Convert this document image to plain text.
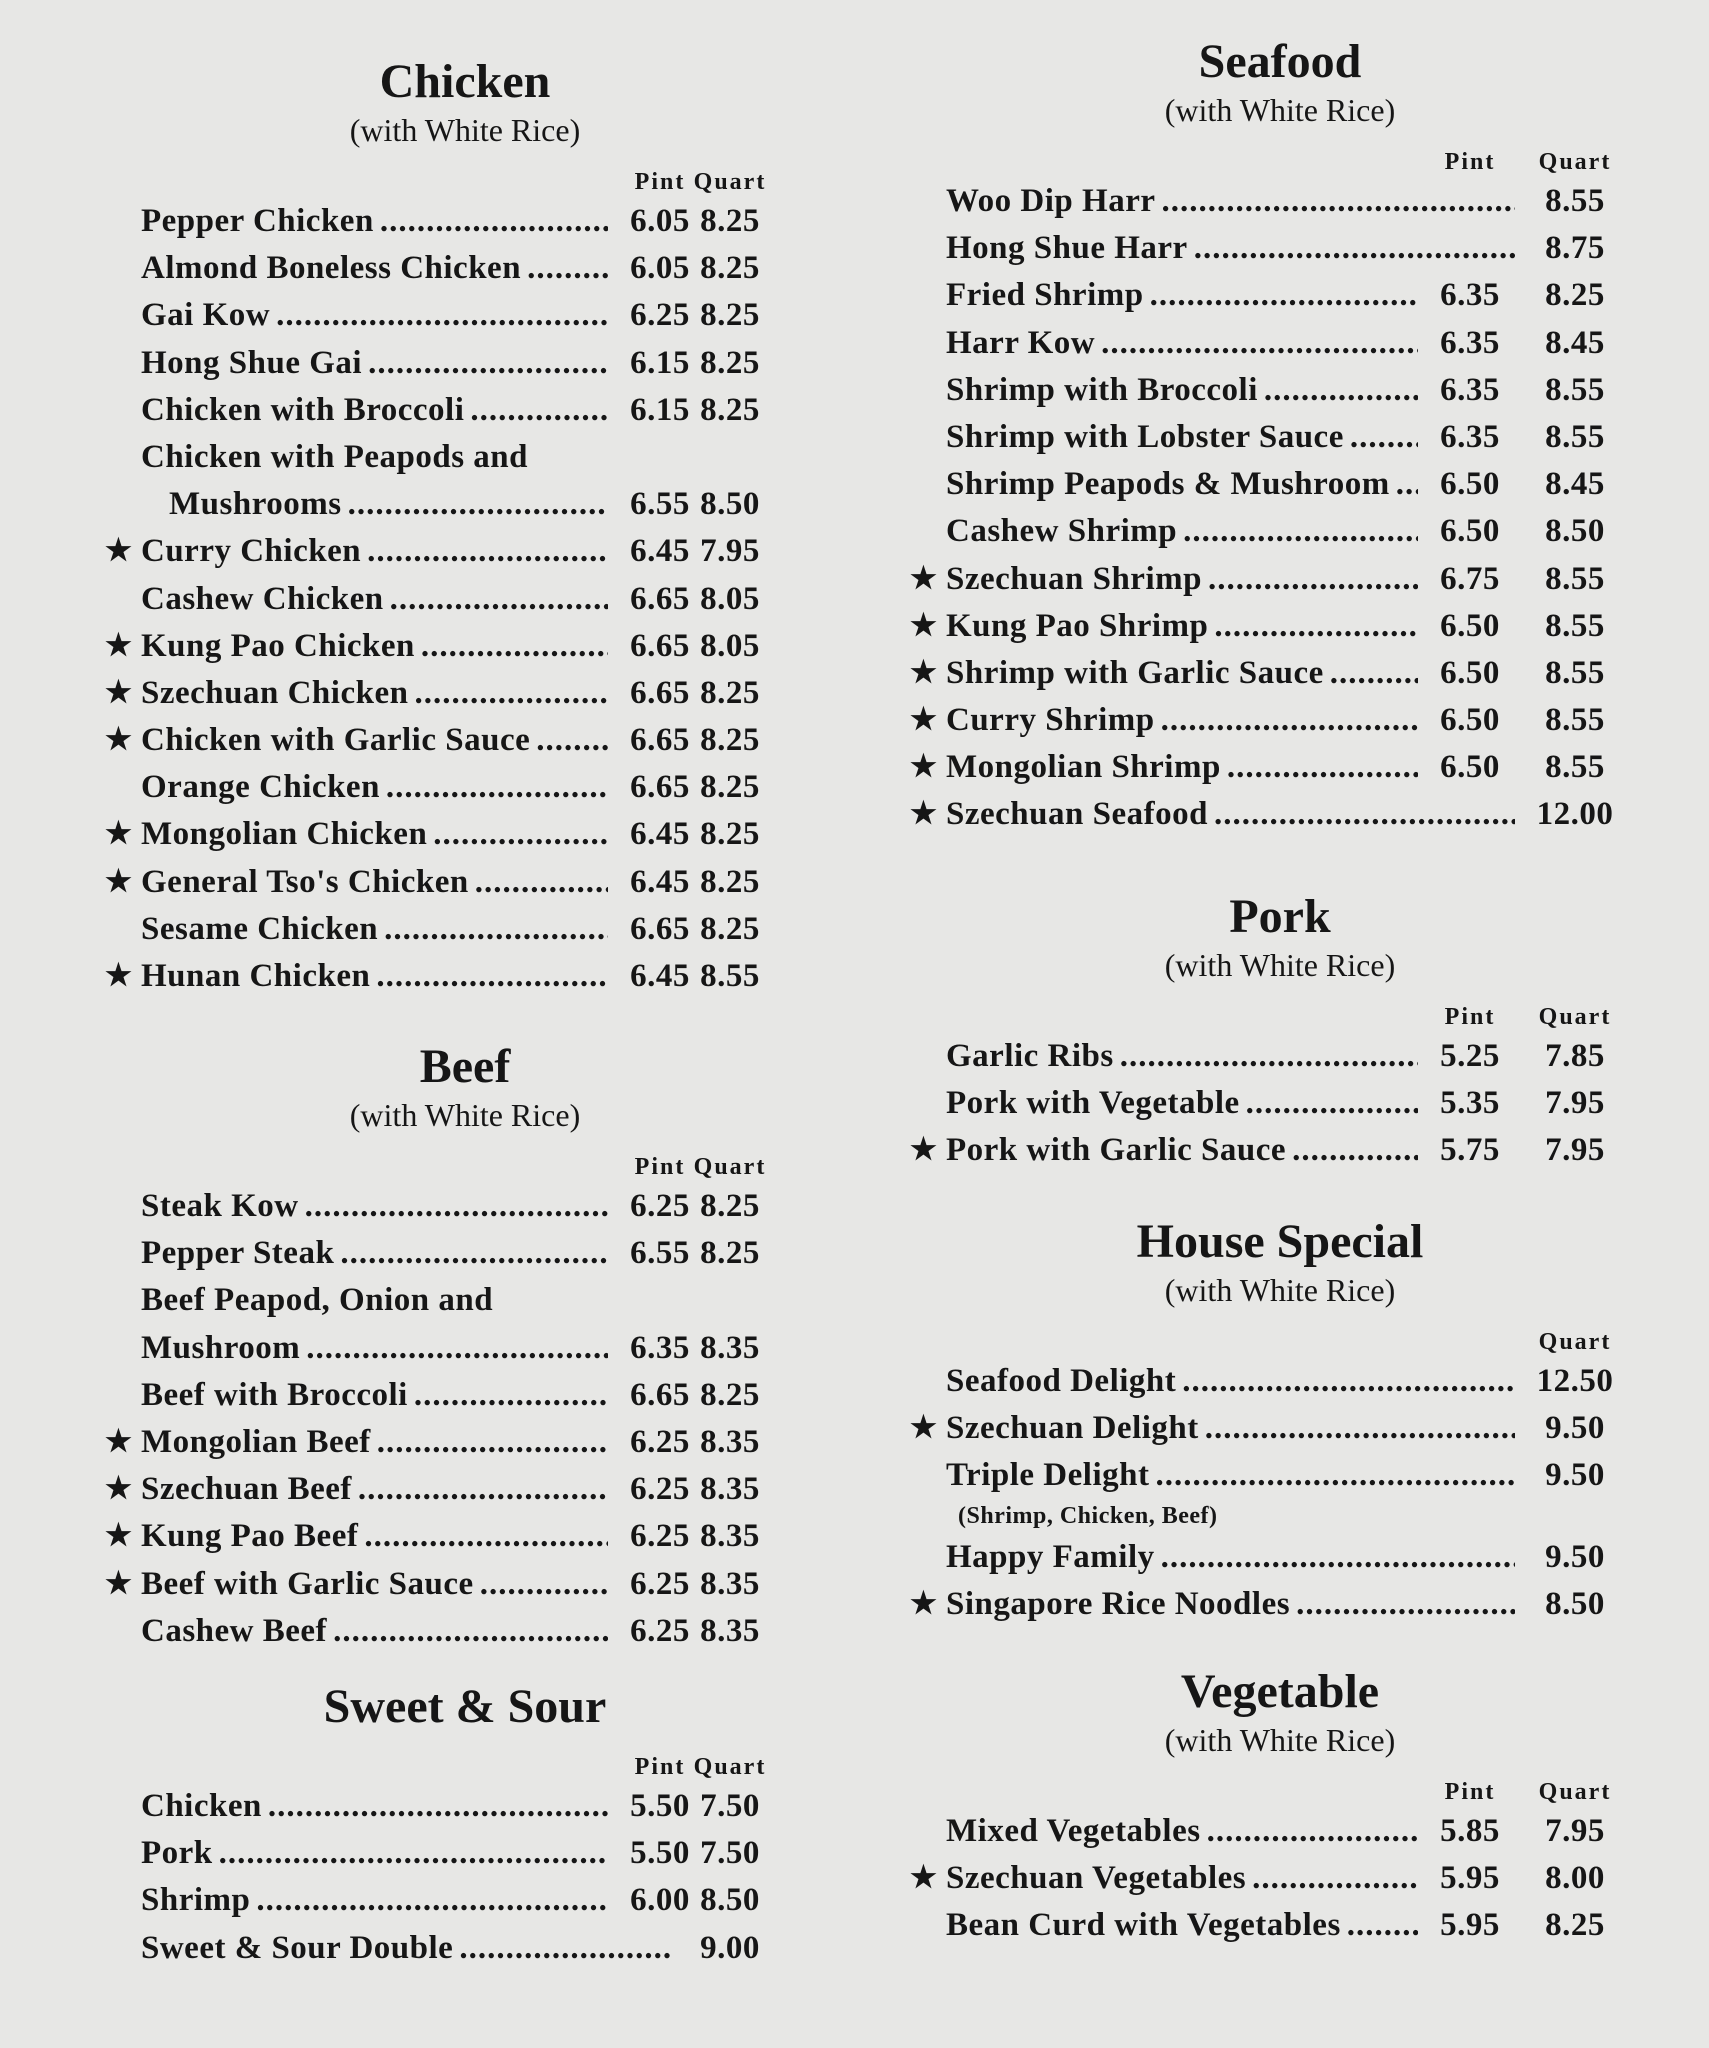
Chicken
(with White Rice)
Pint Quart
Pepper Chicken .....	6.05 8.25
Almond Boneless Chicken .....	6.05 8.25
Gai Kow .....	6.25 8.25
Hong Shue Gai .....	6.15 8.25
Chicken with Broccoli .....	6.15 8.25
Chicken with Peapods and
Mushrooms .....	6.55 8.50
★ Curry Chicken .....	6.45 7.95
Cashew Chicken .....	6.65 8.05
★ Kung Pao Chicken .....	6.65 8.05
★ Szechuan Chicken .....	6.65 8.25
★ Chicken with Garlic Sauce .....	6.65 8.25
Orange Chicken .....	6.65 8.25
★ Mongolian Chicken .....	6.45 8.25
★ General Tso's Chicken .....	6.45 8.25
Sesame Chicken .....	6.65 8.25
★ Hunan Chicken .....	6.45 8.55
Beef
(with White Rice)
Pint Quart
Steak Kow .....	6.25 8.25
Pepper Steak .....	6.55 8.25
Beef Peapod, Onion and
Mushroom .....	6.35 8.35
Beef with Broccoli .....	6.65 8.25
★ Mongolian Beef .....	6.25 8.35
★ Szechuan Beef .....	6.25 8.35
★ Kung Pao Beef .....	6.25 8.35
★ Beef with Garlic Sauce .....	6.25 8.35
Cashew Beef .....	6.25 8.35
Sweet & Sour
Pint Quart
Chicken .....	5.50 7.50
Pork .....	5.50 7.50
Shrimp .....	6.00 8.50
Sweet & Sour Double .....	9.00
Seafood
(with White Rice)
Pint	Quart
Woo Dip Harr .....	8.55
Hong Shue Harr .....	8.75
Fried Shrimp .....	6.35	8.25
Harr Kow .....	6.35	8.45
Shrimp with Broccoli .....	6.35	8.55
Shrimp with Lobster Sauce .....	6.35	8.55
Shrimp Peapods & Mushroom .....	6.50	8.45
Cashew Shrimp .....	6.50	8.50
★ Szechuan Shrimp .....	6.75	8.55
★ Kung Pao Shrimp .....	6.50	8.55
★ Shrimp with Garlic Sauce .....	6.50	8.55
★ Curry Shrimp .....	6.50	8.55
★ Mongolian Shrimp .....	6.50	8.55
★ Szechuan Seafood .....	12.00
Pork
(with White Rice)
Pint	Quart
Garlic Ribs .....	5.25	7.85
Pork with Vegetable .....	5.35	7.95
★ Pork with Garlic Sauce .....	5.75	7.95
House Special
(with White Rice)
Quart
Seafood Delight .....	12.50
★ Szechuan Delight .....	9.50
Triple Delight .....	9.50
(Shrimp, Chicken, Beef)
Happy Family .....	9.50
★ Singapore Rice Noodles .....	8.50
Vegetable
(with White Rice)
Pint	Quart
Mixed Vegetables .....	5.85	7.95
★ Szechuan Vegetables .....	5.95	8.00
Bean Curd with Vegetables .....	5.95	8.25
